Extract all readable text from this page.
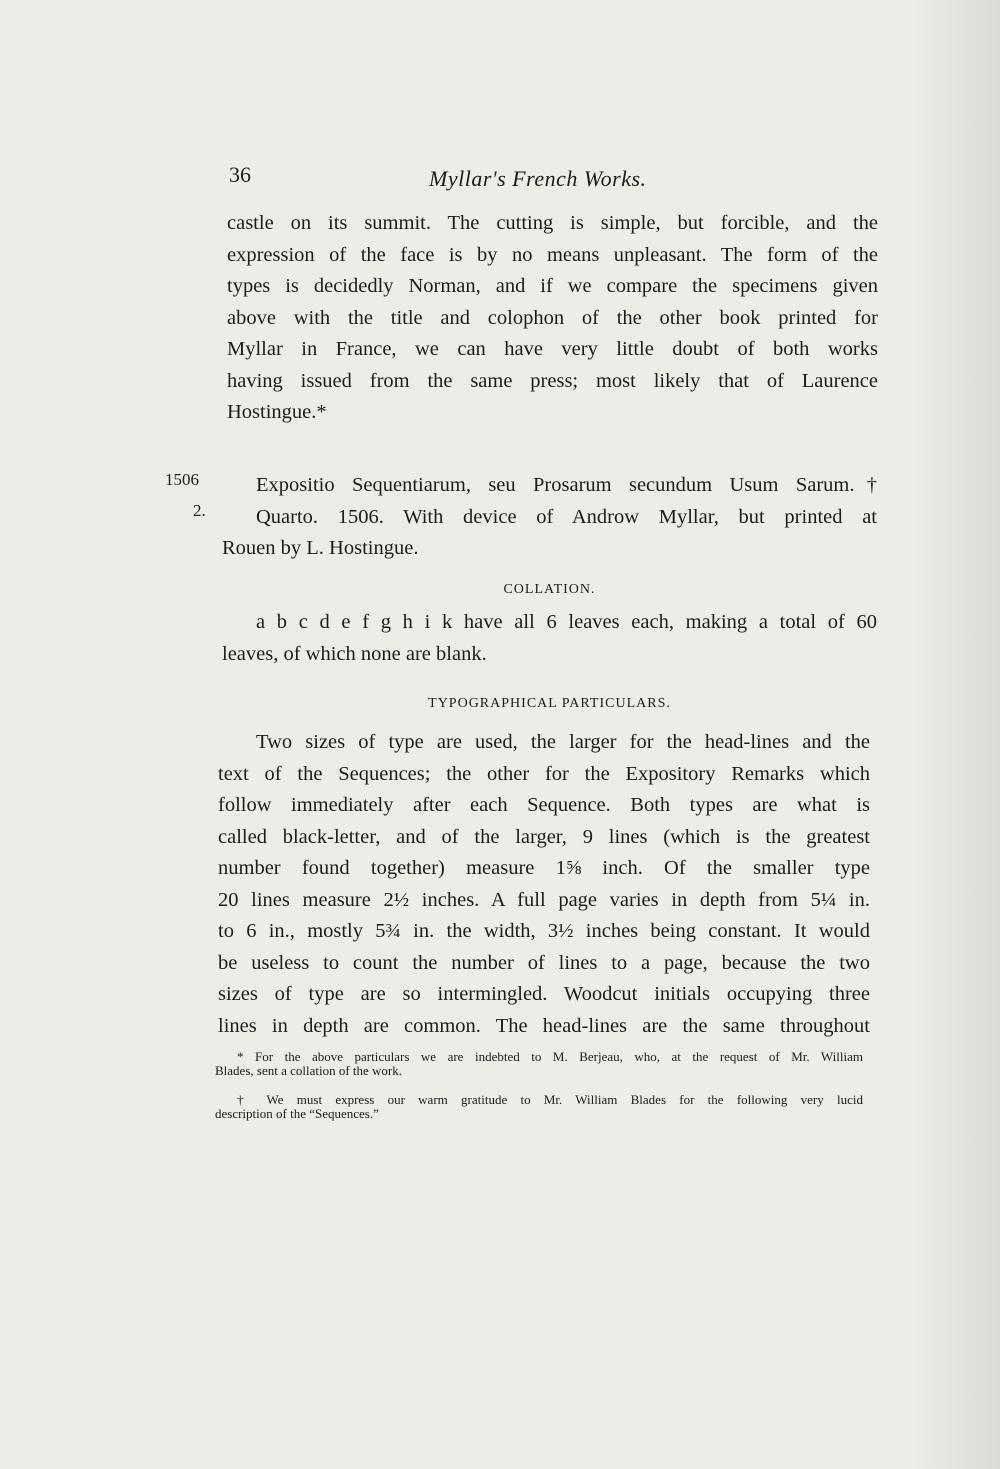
36	Myllar's French Works.

castle on its summit. The cutting is simple, but forcible, and the
expression of the face is by no means unpleasant. The form of the
types is decidedly Norman, and if we compare the specimens given
above with the title and colophon of the other book printed for
Myllar in France, we can have very little doubt of both works
having issued from the same press; most likely that of Laurence
Hostingue.*

1506
2.

Expositio Sequentiarum, seu Prosarum secundum Usum Sarum.†
Quarto. 1506. With device of Androw Myllar, but printed at
Rouen by L. Hostingue.

COLLATION.

a b c d e f g h i k have all 6 leaves each, making a total of 60
leaves, of which none are blank.

TYPOGRAPHICAL PARTICULARS.

Two sizes of type are used, the larger for the head-lines and the
text of the Sequences; the other for the Expository Remarks which
follow immediately after each Sequence. Both types are what is
called black-letter, and of the larger, 9 lines (which is the greatest
number found together) measure 1⅝ inch. Of the smaller type
20 lines measure 2½ inches. A full page varies in depth from 5¼ in.
to 6 in., mostly 5¾ in. the width, 3½ inches being constant. It would
be useless to count the number of lines to a page, because the two
sizes of type are so intermingled. Woodcut initials occupying three
lines in depth are common. The head-lines are the same throughout

* For the above particulars we are indebted to M. Berjeau, who, at the request of Mr. William
Blades, sent a collation of the work.

† We must express our warm gratitude to Mr. William Blades for the following very lucid
description of the “Sequences.”
